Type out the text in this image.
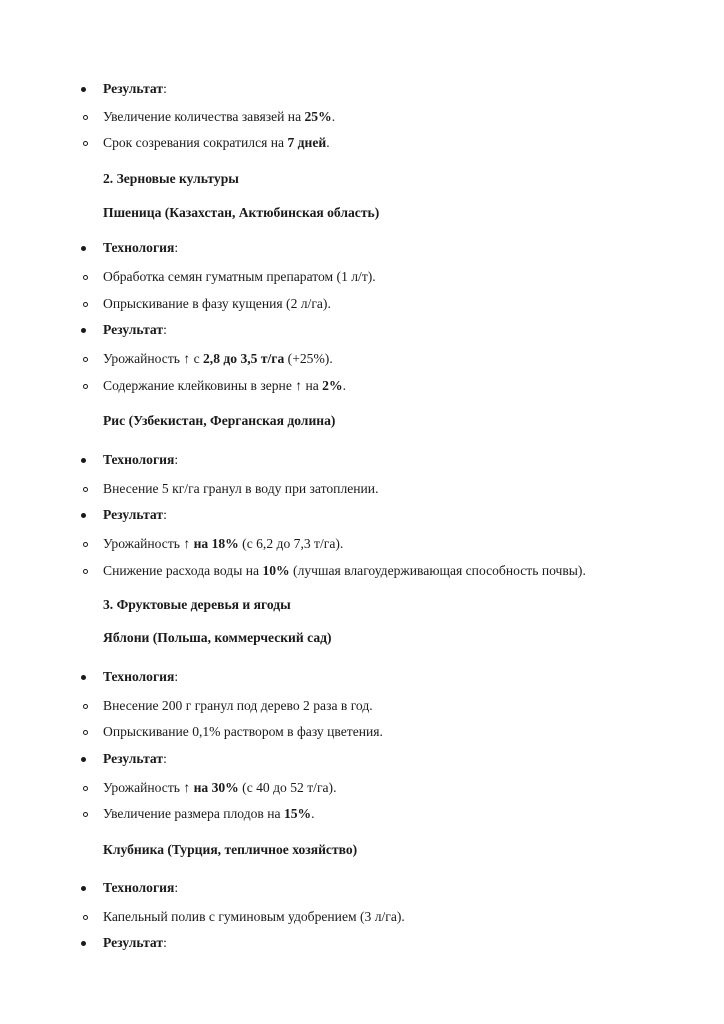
Результат:
Увеличение количества завязей на 25%.
Срок созревания сократился на 7 дней.
2. Зерновые культуры
Пшеница (Казахстан, Актюбинская область)
Технология:
Обработка семян гуматным препаратом (1 л/т).
Опрыскивание в фазу кущения (2 л/га).
Результат:
Урожайность ↑ с 2,8 до 3,5 т/га (+25%).
Содержание клейковины в зерне ↑ на 2%.
Рис (Узбекистан, Ферганская долина)
Технология:
Внесение 5 кг/га гранул в воду при затоплении.
Результат:
Урожайность ↑ на 18% (с 6,2 до 7,3 т/га).
Снижение расхода воды на 10% (лучшая влагоудерживающая способность почвы).
3. Фруктовые деревья и ягоды
Яблони (Польша, коммерческий сад)
Технология:
Внесение 200 г гранул под дерево 2 раза в год.
Опрыскивание 0,1% раствором в фазу цветения.
Результат:
Урожайность ↑ на 30% (с 40 до 52 т/га).
Увеличение размера плодов на 15%.
Клубника (Турция, тепличное хозяйство)
Технология:
Капельный полив с гуминовым удобрением (3 л/га).
Результат:
